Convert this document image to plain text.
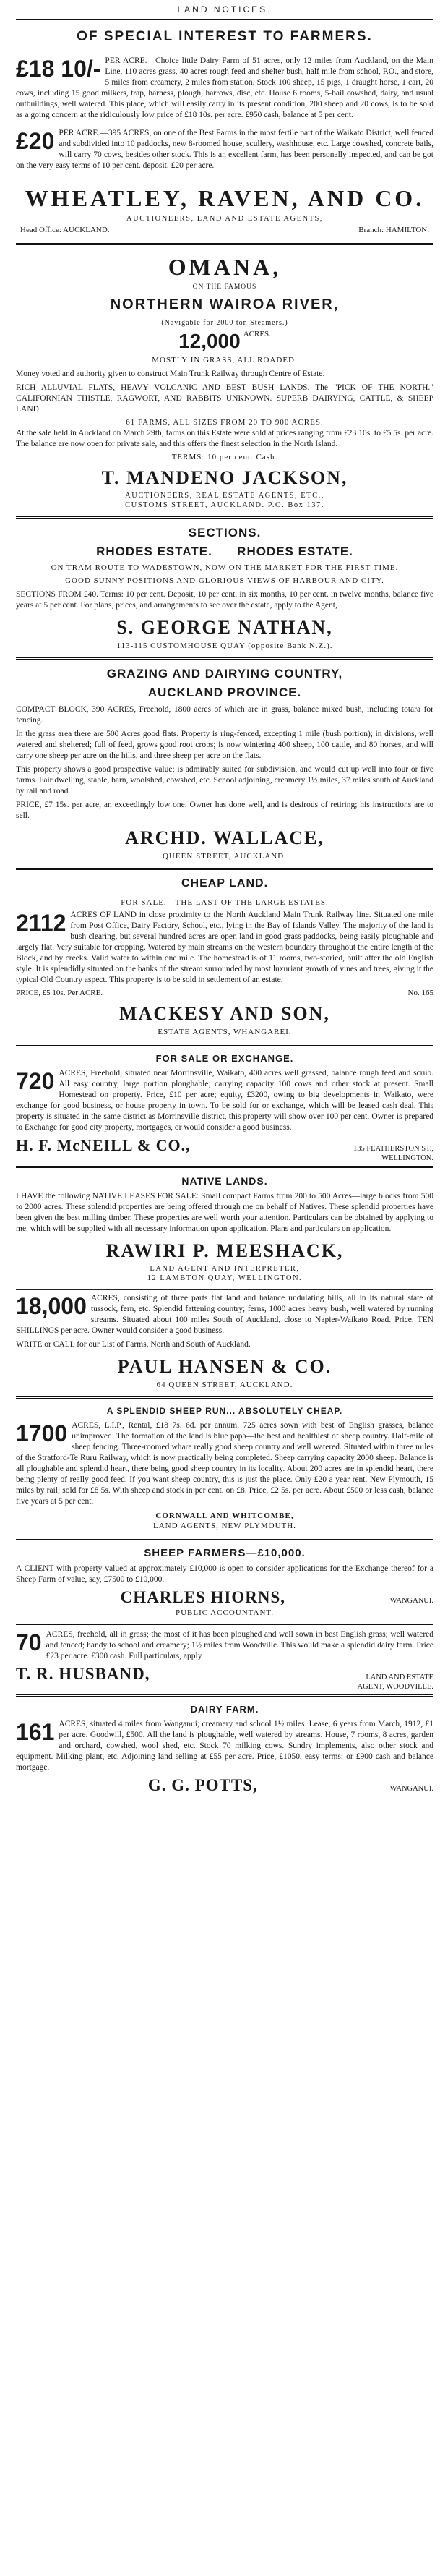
LAND NOTICES.
OF SPECIAL INTEREST TO FARMERS.

£18 10/- PER ACRE.—Choice little Dairy Farm of 51 acres, only 12 miles from Auckland, on the Main Line, 110 acres grass, 40 acres rough feed and shelter bush, half mile from school, P.O., and store, 5 miles from creamery, 2 miles from station. Stock 100 sheep, 15 pigs, 1 draught horse, 1 cart, 20 cows, including 15 good milkers, trap, harness, plough, harrows, disc, etc. House 6 rooms, 5-bail cowshed, dairy, and usual outbuildings, well watered. This place, which will easily carry in its present condition, 200 sheep and 20 cows, is to be sold as a going concern at the ridiculously low price of £18 10s. per acre. £950 cash, balance at 5 per cent.

£20 PER ACRE.—395 ACRES, on one of the Best Farms in the most fertile part of the Waikato District, well fenced and subdivided into 10 paddocks, new 8-roomed house, scullery, washhouse, etc. Large cowshed, concrete bails, will carry 70 cows, besides other stock. This is an excellent farm, has been personally inspected, and can be got on the very easy terms of 10 per cent. deposit. £20 per acre.

WHEATLEY, RAVEN, AND CO.
AUCTIONEERS, LAND AND ESTATE AGENTS,
Head Office: AUCKLAND.	Branch: HAMILTON.
OMANA,
ON THE FAMOUS
NORTHERN WAIROA RIVER,
(Navigable for 2000 ton Steamers.)
12,000 $^{ACRES.}$
MOSTLY IN GRASS, ALL ROADED.

Money voted and authority given to construct Main Trunk Railway through Centre of Estate.

RICH ALLUVIAL FLATS, HEAVY VOLCANIC AND BEST BUSH LANDS. The "PICK OF THE NORTH." CALIFORNIAN THISTLE, RAGWORT, AND RABBITS UNKNOWN. SUPERB DAIRYING, CATTLE, & SHEEP LAND.

61 FARMS, ALL SIZES FROM 20 TO 900 ACRES.

At the sale held in Auckland on March 29th, farms on this Estate were sold at prices ranging from £23 10s. to £5 5s. per acre. The balance are now open for private sale, and this offers the finest selection in the North Island.

TERMS: 10 per cent. Cash.
T. MANDENO JACKSON,
AUCTIONEERS, REAL ESTATE AGENTS, ETC.,
CUSTOMS STREET, AUCKLAND. P.O. Box 137.
SECTIONS.
RHODES ESTATE.      RHODES ESTATE.
ON TRAM ROUTE TO WADESTOWN, NOW ON THE MARKET FOR THE FIRST TIME.
GOOD SUNNY POSITIONS AND GLORIOUS VIEWS OF HARBOUR AND CITY.

SECTIONS FROM £40. Terms: 10 per cent. Deposit, 10 per cent. in six months, 10 per cent. in twelve months, balance five years at 5 per cent. For plans, prices, and arrangements to see over the estate, apply to the Agent,

S. GEORGE NATHAN,
113-115 CUSTOMHOUSE QUAY (opposite Bank N.Z.).
GRAZING AND DAIRYING COUNTRY,
AUCKLAND PROVINCE.

COMPACT BLOCK, 390 ACRES, Freehold, 1800 acres of which are in grass, balance mixed bush, including totara for fencing.

In the grass area there are 500 Acres good flats. Property is ring-fenced, excepting 1 mile (bush portion); in divisions, well watered and sheltered; full of feed, grows good root crops; is now wintering 400 sheep, 100 cattle, and 80 horses, and will carry one sheep per acre on the hills, and three sheep per acre on the flats.

This property shows a good prospective value; is admirably suited for subdivision, and would cut up well into four or five farms. Fair dwelling, stable, barn, woolshed, cowshed, etc. School adjoining, creamery 1½ miles, 37 miles south of Auckland by rail and road.

PRICE, £7 15s. per acre, an exceedingly low one. Owner has done well, and is desirous of retiring; his instructions are to sell.

ARCHD. WALLACE,
QUEEN STREET, AUCKLAND.
CHEAP LAND.
FOR SALE.—THE LAST OF THE LARGE ESTATES.

2112 ACRES OF LAND in close proximity to the North Auckland Main Trunk Railway line. Situated one mile from Post Office, Dairy Factory, School, etc., lying in the Bay of Islands Valley. The majority of the land is bush clearing, but several hundred acres are open land in good grass paddocks, being easily ploughable and largely flat. Very suitable for cropping. Watered by main streams on the western boundary throughout the entire length of the Block, and by creeks. Valid water to within one mile. The homestead is of 11 rooms, two-storied, built after the old English style. It is splendidly situated on the banks of the stream surrounded by most luxuriant growth of vines and trees, giving it the typical Old Country aspect. This property is to be sold in settlement of an estate.

PRICE, £5 10s. Per ACRE.	No. 165
MACKESY AND SON,
ESTATE AGENTS, WHANGAREI.
FOR SALE OR EXCHANGE.

720 ACRES, Freehold, situated near Morrinsville, Waikato, 400 acres well grassed, balance rough feed and scrub. All easy country, large portion ploughable; carrying capacity 100 cows and other stock at present. Small Homestead on property. Price, £10 per acre; equity, £3200, owing to big developments in Waikato, were exchange for good business, or house property in town. To be sold for or exchange, which will be leased cash deal. This property is situated in the same district as Morrinsville district, this property will show over 100 per cent. Owner is prepared to Exchange for good city property, mortgages, or would consider a good business.

H. F. McNEILL & CO.,	135 FEATHERSTON ST., WELLINGTON.
NATIVE LANDS.

I HAVE the following NATIVE LEASES FOR SALE: Small compact Farms from 200 to 500 Acres—large blocks from 500 to 2000 acres. These splendid properties are being offered through me on behalf of Natives. These splendid properties have been given the best milling timber. These properties are well worth your attention. Particulars can be obtained by applying to me, which will be supplied with all necessary information upon application. Plans and particulars on application.

RAWIRI P. MEESHACK,
LAND AGENT AND INTERPRETER,
12 LAMBTON QUAY, WELLINGTON.

18,000 ACRES, consisting of three parts flat land and balance undulating hills, all in its natural state of tussock, fern, etc. Splendid fattening country; ferns, 1000 acres heavy bush, well watered by running streams. Situated about 100 miles South of Auckland, close to Napier-Waikato Road. Price, TEN SHILLINGS per acre. Owner would consider a good business.

WRITE or CALL for our List of Farms, North and South of Auckland.

PAUL HANSEN & CO.
64 QUEEN STREET, AUCKLAND.
A SPLENDID SHEEP RUN... ABSOLUTELY CHEAP.

1700 ACRES, L.I.P., Rental, £18 7s. 6d. per annum. 725 acres sown with best of English grasses, balance unimproved. The formation of the land is blue papa—the best and healthiest of sheep country. Half-mile of sheep fencing. Three-roomed whare really good sheep country and well watered. Situated within three miles of the Stratford-Te Ruru Railway, which is now practically being completed. Sheep carrying capacity 2000 sheep. Balance is all ploughable and splendid heart, there being good sheep country in its locality. About 200 acres are in splendid heart, there being plenty of really good feed. If you want sheep country, this is just the place. Only £20 a year rent. New Plymouth, 15 miles by rail; sold for £8 5s. With sheep and stock in per cent. on £8. Price, £2 5s. per acre. About £500 or less cash, balance five years at 5 per cent.

CORNWALL AND WHITCOMBE,
LAND AGENTS, NEW PLYMOUTH.
SHEEP FARMERS—£10,000.

A CLIENT with property valued at approximately £10,000 is open to consider applications for the Exchange thereof for a Sheep Farm of value, say, £7500 to £10,000.

CHARLES HIORNS,	WANGANUI.
PUBLIC ACCOUNTANT.

70 ACRES, freehold, all in grass; the most of it has been ploughed and well sown in best English grass; well watered and fenced; handy to school and creamery; 1½ miles from Woodville. This would make a splendid dairy farm. Price £23 per acre. £300 cash. Full particulars, apply

T. R. HUSBAND,	LAND AND ESTATE
AGENT, WOODVILLE.
DAIRY FARM.

161 ACRES, situated 4 miles from Wanganui; creamery and school 1½ miles. Lease, 6 years from March, 1912, £1 per acre. Goodwill, £500. All the land is ploughable, well watered by streams. House, 7 rooms, 8 acres, garden and orchard, cowshed, wool shed, etc. Stock 70 milking cows. Sundry implements, also other stock and equipment. Milking plant, etc. Adjoining land selling at £55 per acre. Price, £1050, easy terms; or £900 cash and balance mortgage.

G. G. POTTS,	WANGANUI.
